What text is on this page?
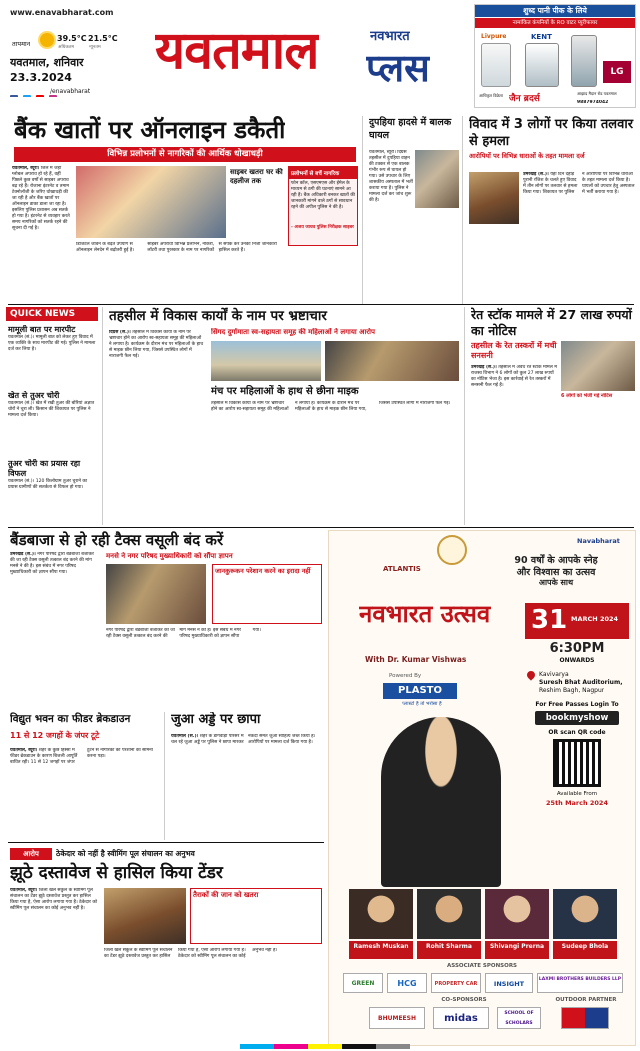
www.enavabharat.com
तापमान
39.5°C
अधिकतम
21.5°C
न्यूनतम
यवतमाल, शनिवार
23.3.2024

/enavabharat
यवतमाल	नवभारत
प्लस
शुध्द पानी पीक के लिये
नामांकित कंपनियों के RO वाटर प्युरीफायर
Livpure	KENT
LG
आधिकृत विक्रेता जैन ब्रदर्स
आझाद मैदान रोड यवतमाल
9887974042
बैंक खातों पर ऑनलाइन डकैती
विभिन्न प्रलोभनों से नागरिकों की आर्थिक धोखाधड़ी

यवतमाल, ब्यूरो। जिले में जहां ग्लोबल अपराध हो रहे हैं, वहीं पिछले कुछ वर्षों से साइबर अपराध बढ़ रहे हैं। रोजाना इंटरनेट व तमाम टेक्नोलॉजी के जरिए धोखाधड़ी की जा रही है और बैंक खातों पर ऑनलाइन डाका डाला जा रहा है। इसलिए पुलिस प्रशासन अब सतर्क हो गया है। इंटरनेट से व्यवहार करते समय नागरिकों को सतर्क रहने की सूचना दी गई है।

साइबर खतरा घर की दहलीज तक
प्रलोभनों से बचें नागरिक
फोन कॉल, एसएमएस और ईमेल के माध्यम से ठगी की घटनाएं सामने आ रही हैं। बैंक अधिकारी बनकर खातों की जानकारी मांगने वाले ठगों से सावधान रहने की अपील पुलिस ने की है।
- अजय जाधव पुलिस निरीक्षक साइबर
डिजिटल जीवन के बढ़ते उपयोग से ऑनलाइन लेनदेन में बढ़ोतरी हुई है। साइबर अपराधी विभिन्न प्रलोभन, नौकरी, लॉटरी तथा पुरस्कार के नाम पर नागरिकों से संपर्क कर उनकी निजी जानकारी हासिल करते हैं।
दुपहिया हादसे में बालक घायल
यवतमाल, ब्यूरो। दिग्रस तहसील में दुपहिया वाहन की टक्कर से एक बालक गंभीर रूप से घायल हो गया। उसे उपचार के लिए शासकीय अस्पताल में भर्ती कराया गया है। पुलिस ने मामला दर्ज कर जांच शुरू की है।
विवाद में 3 लोगों पर किया तलवार से हमला
आरोपियों पर विभिन्न धाराओं के तहत मामला दर्ज
उमरखेड़ (सं.)। यहां दिन दहाड़े पुरानी रंजिश के चलते हुए विवाद में तीन लोगों पर तलवार से हमला किया गया। शिकायत पर पुलिस ने आरोपियों पर विभिन्न धाराओं के तहत मामला दर्ज किया है। घायलों को उपचार हेतु अस्पताल में भर्ती कराया गया है।
QUICK NEWS
मामूली बात पर मारपीट
यवतमाल (सं.)। मामूली बात को लेकर हुए विवाद में एक व्यक्ति के साथ मारपीट की गई। पुलिस ने मामला दर्ज कर लिया है।
खेत से तुअर चोरी
यवतमाल (सं.)। खेत में रखी तुअर की बोरियां अज्ञात चोरों ने चुरा ली। किसान की शिकायत पर पुलिस ने मामला दर्ज किया।
तुअर चोरी का प्रयास रहा विफल
यवतमाल (सं.)। 120 किलोग्राम तुअर चुराने का प्रयास ग्रामीणों की सतर्कता से विफल हो गया।
तहसील में विकास कार्यों के नाम पर भ्रष्टाचार
सिंगद दुर्गामाता स्व-सहायता समूह की महिलाओं ने लगाया आरोप
दिग्रस (सं.)। तहसील में विकास कार्यों के नाम पर भ्रष्टाचार होने का आरोप स्व-सहायता समूह की महिलाओं ने लगाया है। कार्यक्रम के दौरान मंच पर महिलाओं के हाथ से माइक छीन लिया गया, जिससे उपस्थित लोगों में नाराजगी फैल गई।
मंच पर महिलाओं के हाथ से छीना माइक
तहसील में विकास कार्यों के नाम पर भ्रष्टाचार होने का आरोप स्व-सहायता समूह की महिलाओं ने लगाया है। कार्यक्रम के दौरान मंच पर महिलाओं के हाथ से माइक छीन लिया गया, जिससे उपस्थित लोगों में नाराजगी फैल गई।
रेत स्टॉक मामले में 27 लाख रुपयों का नोटिस
तहसील के रेत तस्करों में मची सनसनी
6 लोगों को भेजी गई नोटिस
उमरखेड़ (सं.)। तहसील में अवैध रेत स्टॉक मामले में राजस्व विभाग ने 6 लोगों को कुल 27 लाख रुपयों का नोटिस भेजा है। इस कार्रवाई से रेत तस्करों में सनसनी फैल गई है।
बैंडबाजा से हो रही टैक्स वसूली बंद करें
मनसे ने नगर परिषद मुख्याधिकारी को सौंपा ज्ञापन
उमरखेड (सं.)। नगर परिषद द्वारा बैंडबाजा बजाकर की जा रही टैक्स वसूली तत्काल बंद करने की मांग मनसे ने की है। इस संबंध में नगर परिषद मुख्याधिकारी को ज्ञापन सौंपा गया।	जानकुरूकन परेशान करने का इरादा नहीं
नगर परिषद द्वारा बैंडबाजा बजाकर की जा रही टैक्स वसूली तत्काल बंद करने की मांग मनसे ने की है। इस संबंध में नगर परिषद मुख्याधिकारी को ज्ञापन सौंपा गया।
विद्युत भवन का फीडर ब्रेकडाउन
11 से 12 जगहों के जंपर टूटे
यवतमाल, ब्यूरो। शहर के कुछ हिस्सों में फीडर ब्रेकडाउन के कारण बिजली आपूर्ति बाधित रही। 11 से 12 जगहों पर जंपर टूटने से नागरिकों को परेशानी का सामना करना पड़ा।
जुआ अड्डे पर छापा
यवतमाल (सं.)। शहर के डागवाड़ी परिसर में चल रहे जुआ अड्डे पर पुलिस ने छापा मारकर नकदी समेत जुआ साहित्य जब्त किया है। आरोपियों पर मामला दर्ज किया गया है।
आरोप	ठेकेदार को नहीं है स्वीमिंग पूल संचालन का अनुभव
झूठे दस्तावेज से हासिल किया टेंडर
यवतमाल, ब्यूरो। जिला खेल संकुल के स्वीमिंग पूल संचालन का टेंडर झूठे दस्तावेज प्रस्तुत कर हासिल किया गया है, ऐसा आरोप लगाया गया है। ठेकेदार को स्वीमिंग पूल संचालन का कोई अनुभव नहीं है।
तैराकों की जान को खतरा
जिला खेल संकुल के स्वीमिंग पूल संचालन का टेंडर झूठे दस्तावेज प्रस्तुत कर हासिल किया गया है, ऐसा आरोप लगाया गया है। ठेकेदार को स्वीमिंग पूल संचालन का कोई अनुभव नहीं है।
Navabharat
90 वर्षों के आपके स्नेह
और विश्वास का उत्सव
आपके साथ
ATLANTIS
नवभारत उत्सव
With Dr. Kumar Vishwas
31 MARCH 2024
6:30PM
ONWARDS
Kavivarya
Suresh Bhat Auditorium,
Reshim Bagh, Nagpur
For Free Passes Login To
bookmyshow
OR scan QR code
Available From
25th March 2024
Powered By
PLASTO
प्लास्टो है तो भरोसा है
Ramesh Muskan	Rohit Sharma	Shivangi Prerna	Sudeep Bhola
ASSOCIATE SPONSORS
GREEN	HCG	PROPERTY CAR	INSIGHT
LAXMI BROTHERS BUILDERS LLP
CO-SPONSORS	OUTDOOR PARTNER
BHUMEESH	midas	SCHOOL OF SCHOLARS
